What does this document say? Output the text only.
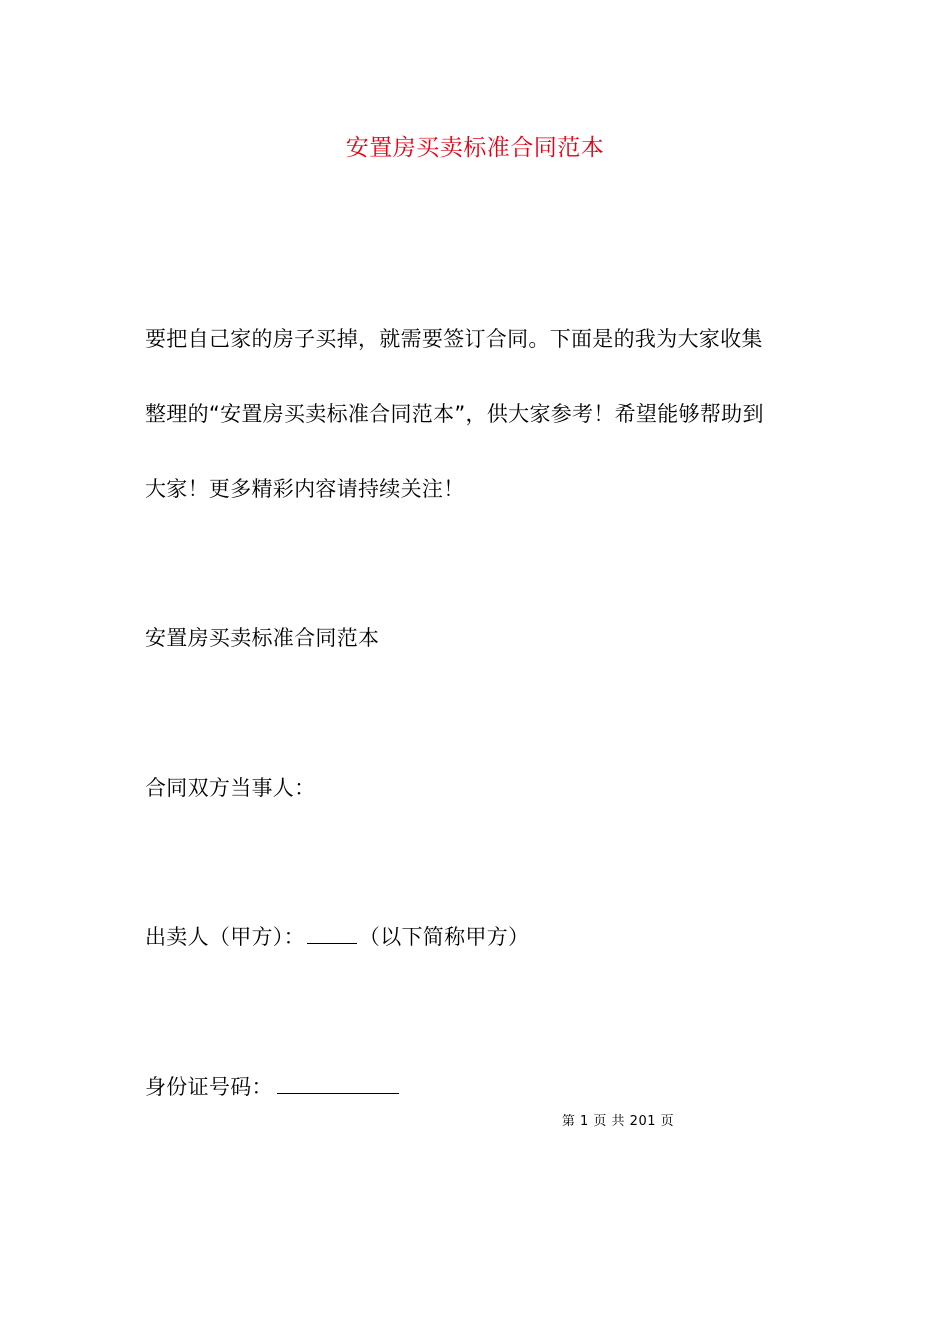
安置房买卖标准合同范本
要把自己家的房子买掉，就需要签订合同。下面是的我为大家收集
整理的“安置房买卖标准合同范本”，供大家参考！希望能够帮助到
大家！更多精彩内容请持续关注！
安置房买卖标准合同范本
合同双方当事人：
出卖人（甲方）：	（以下简称甲方）
身份证号码：
第 1 页 共 201 页
